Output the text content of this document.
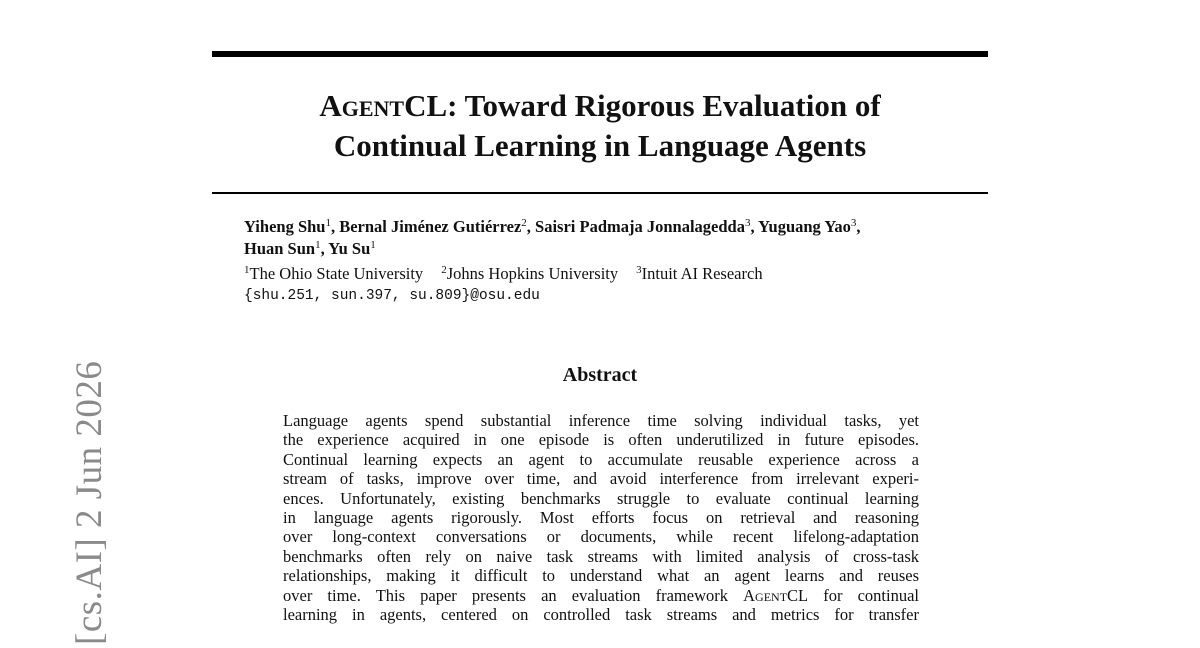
[cs.AI] 2 Jun 2026
AgentCL: Toward Rigorous Evaluation of
Continual Learning in Language Agents
Yiheng Shu$^1$, Bernal Jiménez Gutiérrez$^2$, Saisri Padmaja Jonnalagedda$^3$, Yuguang Yao$^3$,
Huan Sun$^1$, Yu Su$^1$
$^1$The Ohio State University $^2$Johns Hopkins University $^3$Intuit AI Research
{shu.251, sun.397, su.809}@osu.edu
Abstract
Language agents spend substantial inference time solving individual tasks, yet
the experience acquired in one episode is often underutilized in future episodes.
Continual learning expects an agent to accumulate reusable experience across a
stream of tasks, improve over time, and avoid interference from irrelevant experi-
ences. Unfortunately, existing benchmarks struggle to evaluate continual learning
in language agents rigorously. Most efforts focus on retrieval and reasoning
over long-context conversations or documents, while recent lifelong-adaptation
benchmarks often rely on naive task streams with limited analysis of cross-task
relationships, making it difficult to understand what an agent learns and reuses
over time. This paper presents an evaluation framework AgentCL for continual
learning in agents, centered on controlled task streams and metrics for transfer
